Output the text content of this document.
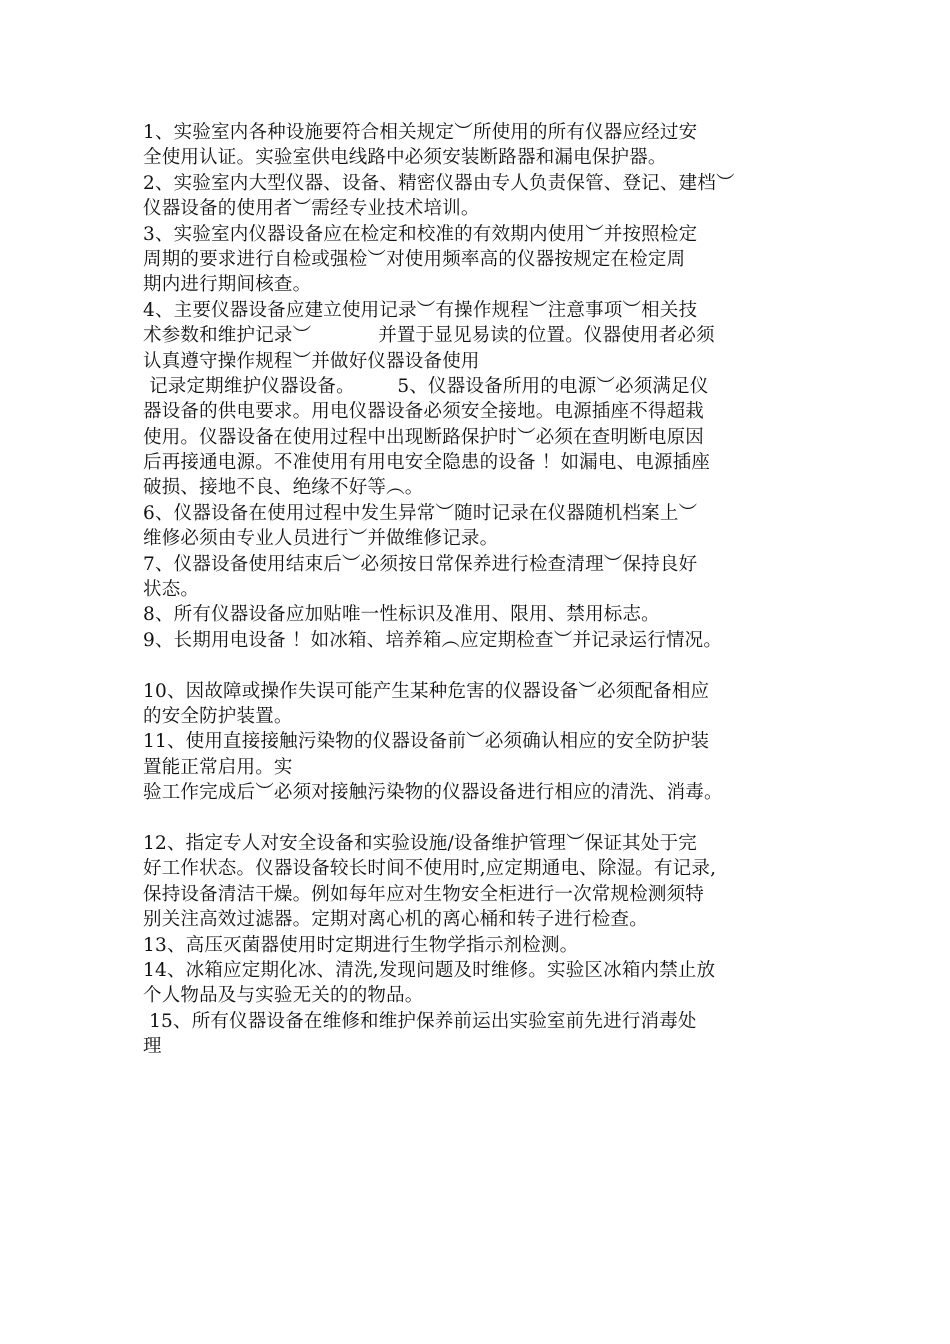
1、实验室内各种设施要符合相关规定︶所使用的所有仪器应经过安
全使用认证。实验室供电线路中必须安装断路器和漏电保护器。
2、实验室内大型仪器、设备、精密仪器由专人负责保管、登记、建档︶
仪器设备的使用者︶需经专业技术培训。
3、实验室内仪器设备应在检定和校准的有效期内使用︶并按照检定
周期的要求进行自检或强检︶对使用频率高的仪器按规定在检定周
期内进行期间核查。
4、主要仪器设备应建立使用记录︶有操作规程︶注意事项︶相关技
术参数和维护记录︶           并置于显见易读的位置。仪器使用者必须
认真遵守操作规程︶并做好仪器设备使用
记录定期维护仪器设备。       5、仪器设备所用的电源︶必须满足仪
器设备的供电要求。用电仪器设备必须安全接地。电源插座不得超栽
使用。仪器设备在使用过程中出现断路保护时︶必须在查明断电原因
后再接通电源。不准使用有用电安全隐患的设备 ！如漏电、电源插座
破损、接地不良、绝缘不好等︵。
6、仪器设备在使用过程中发生异常︶随时记录在仪器随机档案上︶
维修必须由专业人员进行︶并做维修记录。
7、仪器设备使用结束后︶必须按日常保养进行检查清理︶保持良好
状态。
8、所有仪器设备应加贴唯一性标识及准用、限用、禁用标志。
9、长期用电设备 ！如冰箱、培养箱︵应定期检查︶并记录运行情况。
10、因故障或操作失误可能产生某种危害的仪器设备︶必须配备相应
的安全防护装置。
11、使用直接接触污染物的仪器设备前︶必须确认相应的安全防护装
置能正常启用。实
验工作完成后︶必须对接触污染物的仪器设备进行相应的清洗、消毒。
12、指定专人对安全设备和实验设施/设备维护管理︶保证其处于完
好工作状态。仪器设备较长时间不使用时,应定期通电、除湿。有记录,
保持设备清洁干燥。例如每年应对生物安全柜进行一次常规检测须特
别关注高效过滤器。定期对离心机的离心桶和转子进行检查。
13、高压灭菌器使用时定期进行生物学指示剂检测。
14、冰箱应定期化冰、清洗,发现问题及时维修。实验区冰箱内禁止放
个人物品及与实验无关的的物品。
15、所有仪器设备在维修和维护保养前运出实验室前先进行消毒处
理
